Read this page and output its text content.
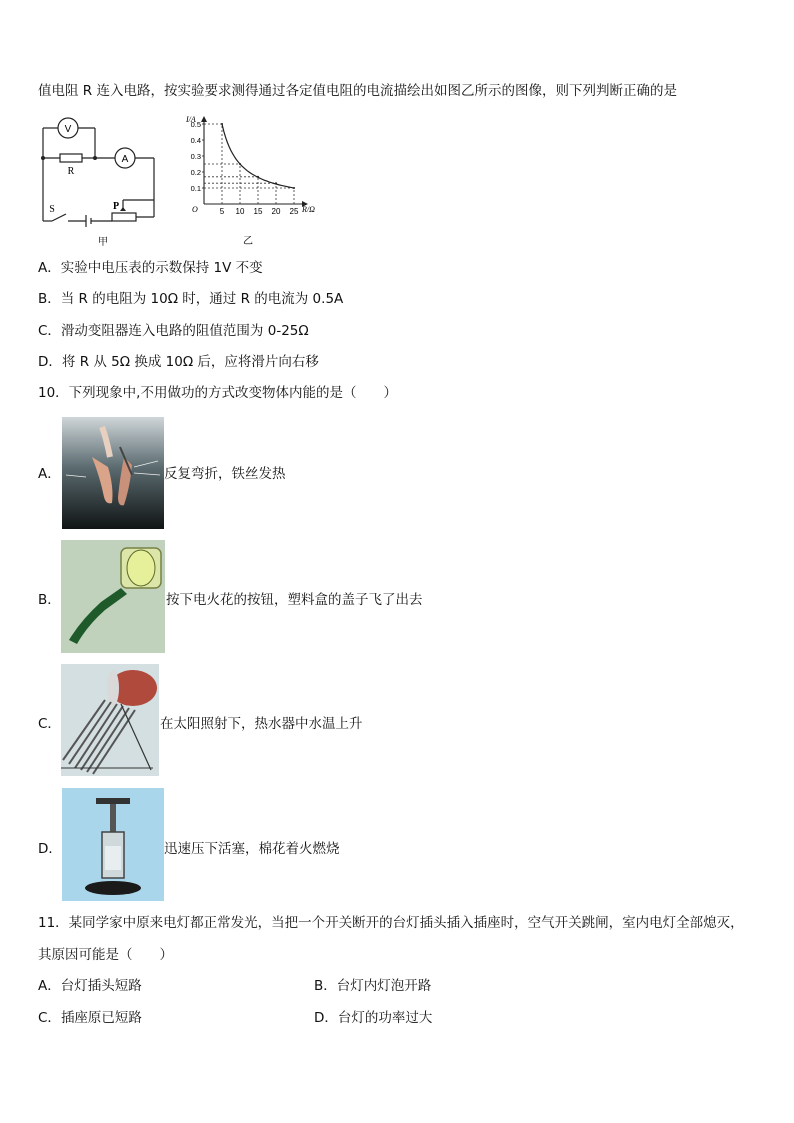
值电阻 R 连入电路，按实验要求测得通过各定值电阻的电流描绘出如图乙所示的图像，则下列判断正确的是
V
A
R
S	P
甲
I/A
R/Ω
O
乙
5 10 15 20 25
0.5
0.4
0.3
0.2
0.1
A．实验中电压表的示数保持 1V 不变
B．当 R 的电阻为 10Ω 时，通过 R 的电流为 0.5A
C．滑动变阻器连入电路的阻值范围为 0-25Ω
D．将 R 从 5Ω 换成 10Ω 后，应将滑片向右移
10．下列现象中,不用做功的方式改变物体内能的是（　　）
A．	反复弯折，铁丝发热
B．	按下电火花的按钮，塑料盒的盖子飞了出去
C．	在太阳照射下，热水器中水温上升
D．	迅速压下活塞，棉花着火燃烧
11．某同学家中原来电灯都正常发光，当把一个开关断开的台灯插头插入插座时，空气开关跳闸，室内电灯全部熄灭，
其原因可能是（　　）
A．台灯插头短路	B．台灯内灯泡开路
C．插座原已短路	D．台灯的功率过大
